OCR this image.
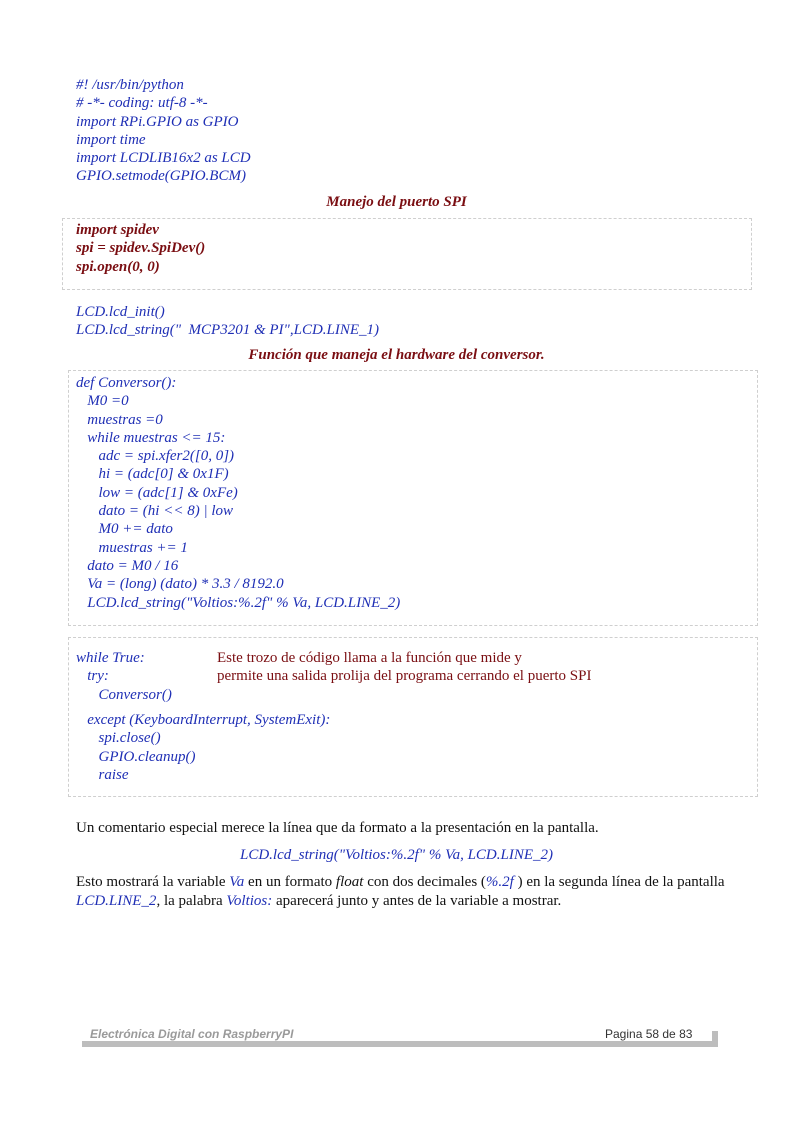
#! /usr/bin/python
# -*- coding: utf-8 -*-
import RPi.GPIO as GPIO
import time
import LCDLIB16x2 as LCD
GPIO.setmode(GPIO.BCM)
Manejo del puerto SPI
import spidev
spi = spidev.SpiDev()
spi.open(0, 0)
LCD.lcd_init()
LCD.lcd_string("  MCP3201 & PI",LCD.LINE_1)
Función que maneja el hardware del conversor.
def Conversor():
M0 =0
muestras =0
while muestras <= 15:
adc = spi.xfer2([0, 0])
hi = (adc[0] & 0x1F)
low = (adc[1] & 0xFe)
dato = (hi << 8) | low
M0 += dato
muestras += 1
dato = M0 / 16
Va = (long) (dato) * 3.3 / 8192.0
LCD.lcd_string("Voltios:%.2f" % Va, LCD.LINE_2)
while True:
try:
Conversor()
Este trozo de código llama a la función que mide y
permite una salida prolija del programa cerrando el puerto SPI
except (KeyboardInterrupt, SystemExit):
spi.close()
GPIO.cleanup()
raise
Un comentario especial merece la línea que da formato a la presentación en la pantalla.
LCD.lcd_string("Voltios:%.2f" % Va, LCD.LINE_2)
Esto mostrará la variable Va en un formato float con dos decimales (%.2f ) en la segunda línea de la pantalla LCD.LINE_2, la palabra Voltios: aparecerá junto y antes de la variable a mostrar.
Electrónica Digital con RaspberryPI	Pagina 58 de 83
